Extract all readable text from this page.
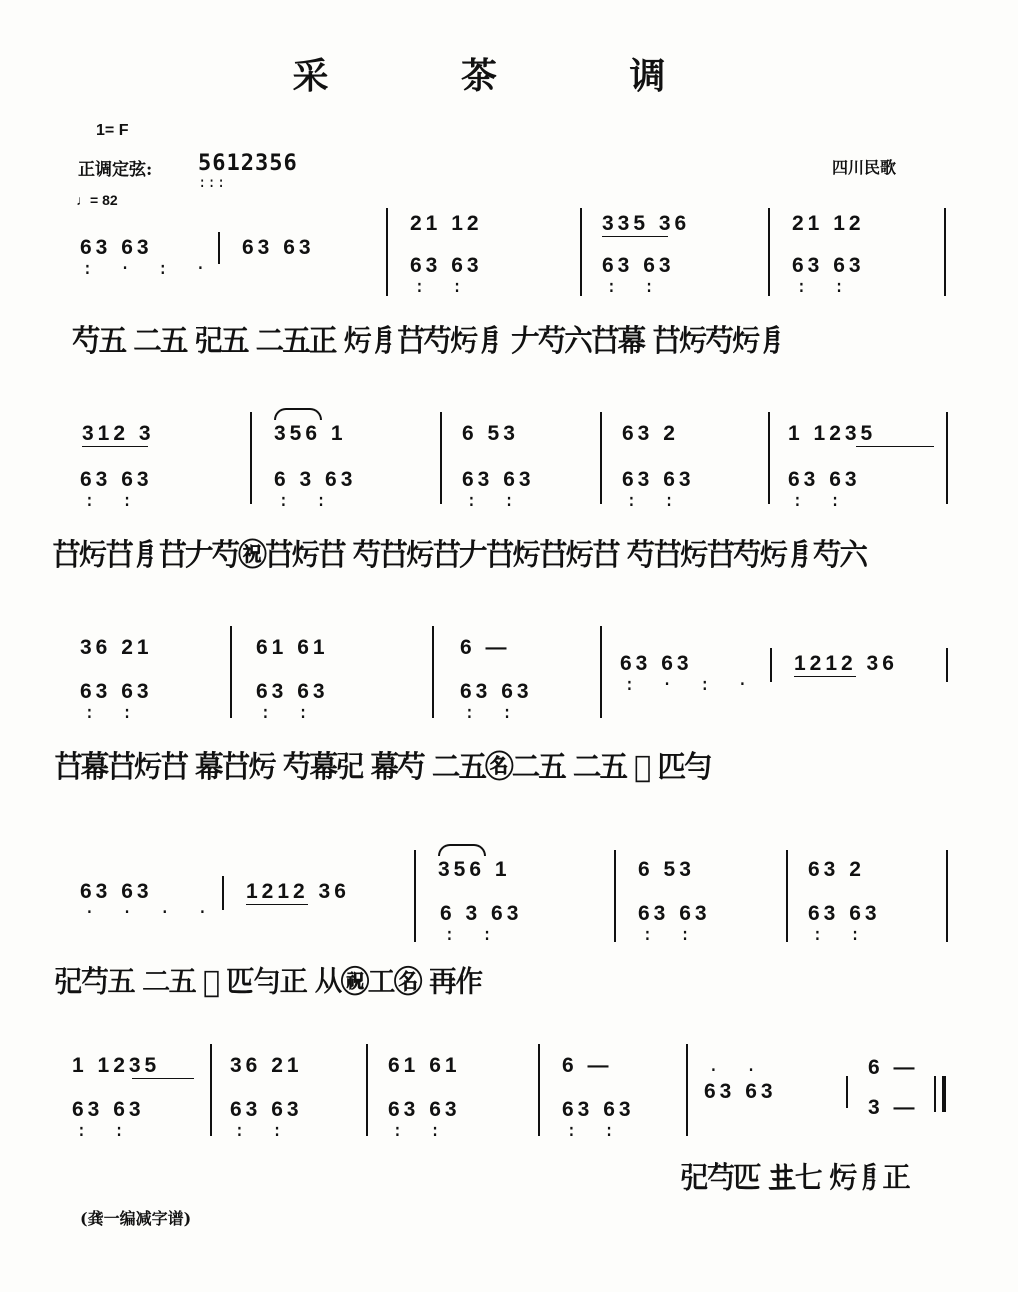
采 茶 调
1= F
正调定弦: 5612356
:::
四川民歌
♩= 82
63 63
: · : ·
63 63
21 12
63 63
: :
335 36
63 63
: :
21 12
63 63
: :
芍五 二五 𢀶五 二五正 𤆏㐆𦬅芍𤆏㐆 𠂇芍六𦬅幕 𦬅𤆏芍𤆏㐆
312 3
63 63
: :
356 1
6 3 63
: :
6 53
63 63
: :
63 2
63 63
: :
1 1235
63 63
: :
𦬅𤆏𦬅㐆𦬅𠂇芍㊗𦬅𤆏𦬅 芍𦬅𤆏𦬅𠂇𦬅𤆏𦬅𤆏𦬅 芍𦬅𤆏𦬅芍𤆏㐆芍六
36 21
63 63
: :
61 61
63 63
: :
6 —
63 63
: :
63 63
: · : ·
1212 36
𦬅幕𦬅𤆏𦬅 幕𦬅𤆏 芍幕𢀶 幕芍 二五㊔二五 二五 𠀝 匹勻
63 63
· · · ·
1212 36
356 1
6 3 63
: :
6 53
63 63
: :
63 2
63 63
: :
𢀶芍五 二五 𠀝 匹勻正 从㊗工㊔ 再作
1 1235
63 63
: :
36 21
63 63
: :
61 61
63 63
: :
6 —
63 63
: :
63 63
· ·	6 —
3 —
𢀶芍匹 𠀎七 𤆏㐆正
(龚一编减字谱)
